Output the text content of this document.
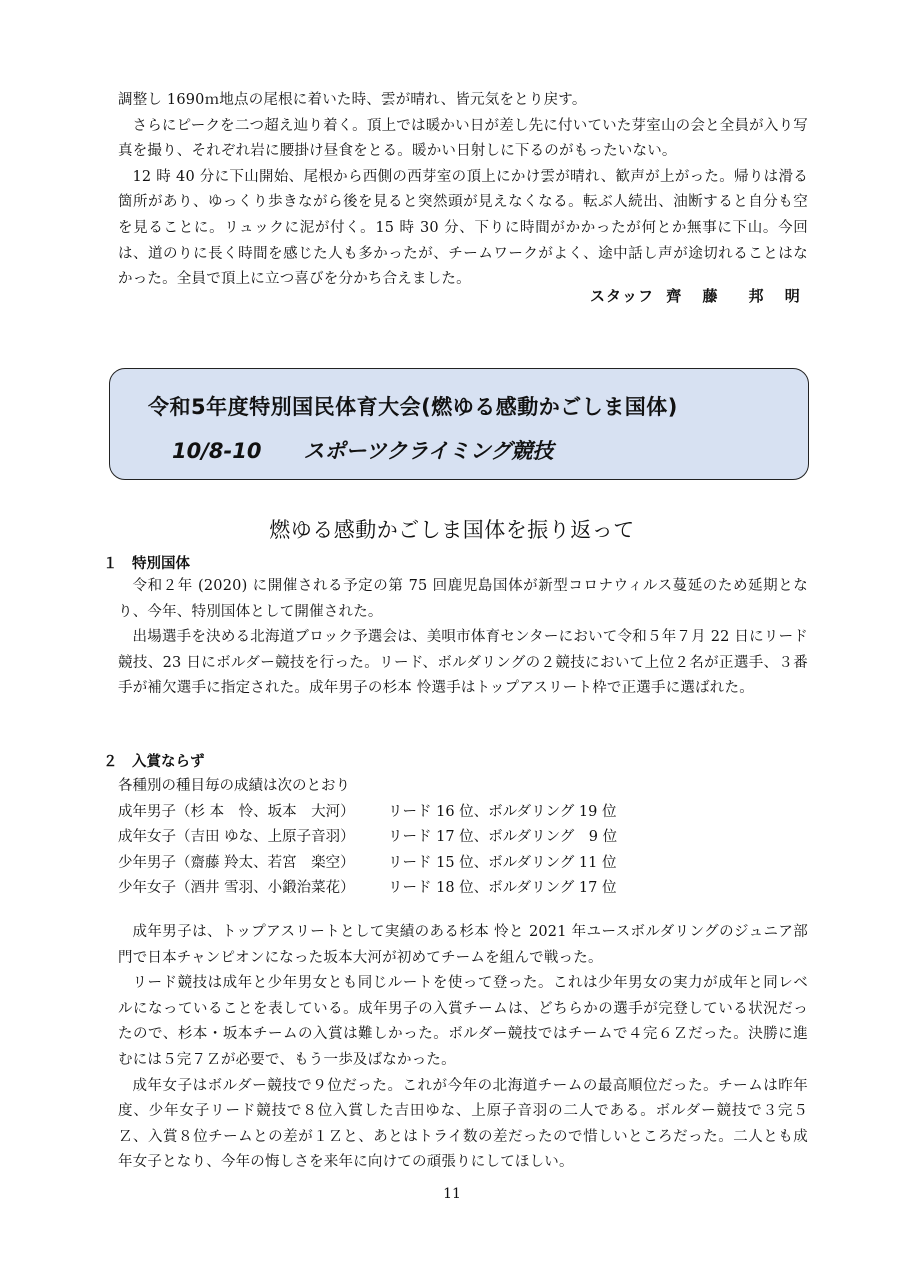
調整し 1690ｍ地点の尾根に着いた時、雲が晴れ、皆元気をとり戻す。

さらにピークを二つ超え辿り着く。頂上では暖かい日が差し先に付いていた芽室山の会と全員が入り写真を撮り、それぞれ岩に腰掛け昼食をとる。暖かい日射しに下るのがもったいない。

12 時 40 分に下山開始、尾根から西側の西芽室の頂上にかけ雲が晴れ、歓声が上がった。帰りは滑る箇所があり、ゆっくり歩きながら後を見ると突然頭が見えなくなる。転ぶ人続出、油断すると自分も空を見ることに。リュックに泥が付く。15 時 30 分、下りに時間がかかったが何とか無事に下山。今回は、道のりに長く時間を感じた人も多かったが、チームワークがよく、途中話し声が途切れることはなかった。全員で頂上に立つ喜びを分かち合えました。

スタッフ 齊 藤　邦 明
令和5年度特別国民体育大会(燃ゆる感動かごしま国体)
10/8-10 スポーツクライミング競技
燃ゆる感動かごしま国体を振り返って
１　特別国体

令和２年 (2020) に開催される予定の第 75 回鹿児島国体が新型コロナウィルス蔓延のため延期となり、今年、特別国体として開催された。

出場選手を決める北海道ブロック予選会は、美唄市体育センターにおいて令和５年７月 22 日にリード競技、23 日にボルダー競技を行った。リード、ボルダリングの２競技において上位２名が正選手、３番手が補欠選手に指定された。成年男子の杉本 怜選手はトップアスリート枠で正選手に選ばれた。

２　入賞ならず
各種別の種目毎の成績は次のとおり
成年男子（杉 本　怜、坂本　大河） リード 16 位、ボルダリング 19 位
成年女子（吉田 ゆな、上原子音羽） リード 17 位、ボルダリング　9 位
少年男子（齋藤 羚太、若宮　楽空） リード 15 位、ボルダリング 11 位
少年女子（酒井 雪羽、小鍛治菜花） リード 18 位、ボルダリング 17 位

成年男子は、トップアスリートとして実績のある杉本 怜と 2021 年ユースボルダリングのジュニア部門で日本チャンピオンになった坂本大河が初めてチームを組んで戦った。

リード競技は成年と少年男女とも同じルートを使って登った。これは少年男女の実力が成年と同レベルになっていることを表している。成年男子の入賞チームは、どちらかの選手が完登している状況だったので、杉本・坂本チームの入賞は難しかった。ボルダー競技ではチームで４完６Ｚだった。決勝に進むには５完７Ｚが必要で、もう一歩及ばなかった。

成年女子はボルダー競技で９位だった。これが今年の北海道チームの最高順位だった。チームは昨年度、少年女子リード競技で８位入賞した吉田ゆな、上原子音羽の二人である。ボルダー競技で３完５Ｚ、入賞８位チームとの差が１Ｚと、あとはトライ数の差だったので惜しいところだった。二人とも成年女子となり、今年の悔しさを来年に向けての頑張りにしてほしい。

11
